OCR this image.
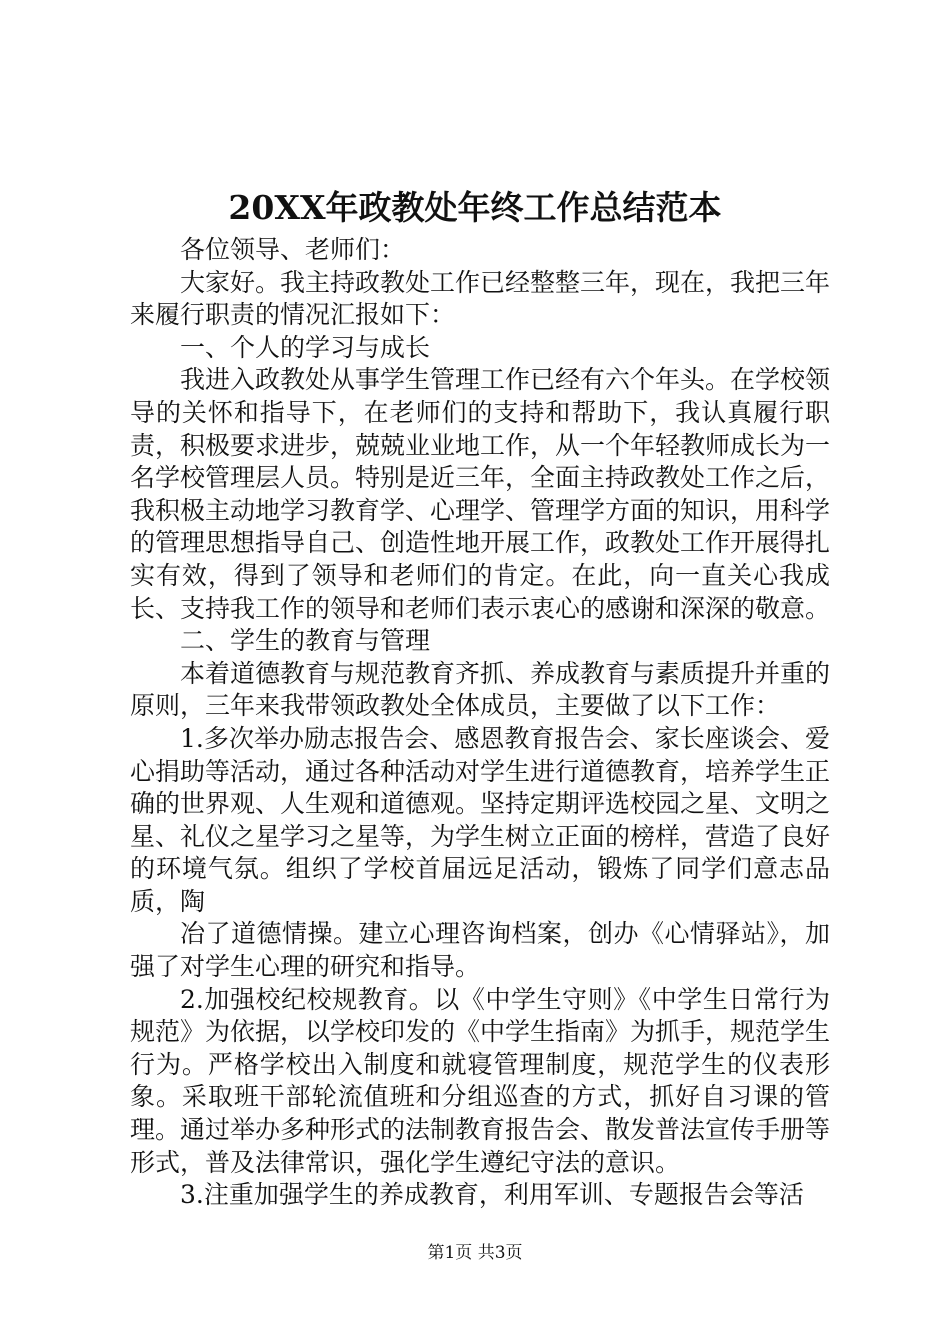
20XX年政教处年终工作总结范本

各位领导、老师们：

大家好。我主持政教处工作已经整整三年，现在，我把三年来履行职责的情况汇报如下：

一、个人的学习与成长

我进入政教处从事学生管理工作已经有六个年头。在学校领导的关怀和指导下，在老师们的支持和帮助下，我认真履行职责，积极要求进步，兢兢业业地工作，从一个年轻教师成长为一名学校管理层人员。特别是近三年，全面主持政教处工作之后，我积极主动地学习教育学、心理学、管理学方面的知识，用科学的管理思想指导自己、创造性地开展工作，政教处工作开展得扎实有效，得到了领导和老师们的肯定。在此，向一直关心我成长、支持我工作的领导和老师们表示衷心的感谢和深深的敬意。

二、学生的教育与管理

本着道德教育与规范教育齐抓、养成教育与素质提升并重的原则，三年来我带领政教处全体成员，主要做了以下工作：

1.多次举办励志报告会、感恩教育报告会、家长座谈会、爱心捐助等活动，通过各种活动对学生进行道德教育，培养学生正确的世界观、人生观和道德观。坚持定期评选校园之星、文明之星、礼仪之星学习之星等，为学生树立正面的榜样，营造了良好的环境气氛。组织了学校首届远足活动，锻炼了同学们意志品质，陶

冶了道德情操。建立心理咨询档案，创办《心情驿站》，加强了对学生心理的研究和指导。

2.加强校纪校规教育。以《中学生守则》《中学生日常行为规范》为依据，以学校印发的《中学生指南》为抓手，规范学生行为。严格学校出入制度和就寝管理制度，规范学生的仪表形象。采取班干部轮流值班和分组巡查的方式，抓好自习课的管理。通过举办多种形式的法制教育报告会、散发普法宣传手册等形式，普及法律常识，强化学生遵纪守法的意识。

3.注重加强学生的养成教育，利用军训、专题报告会等活

第1页 共3页
